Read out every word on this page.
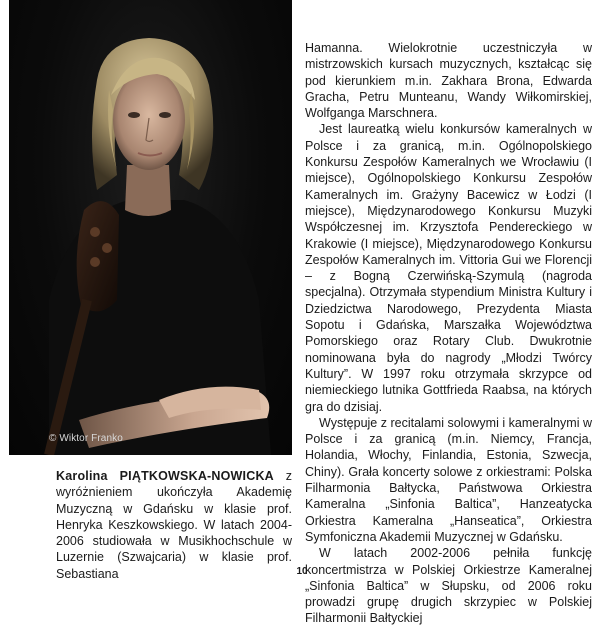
© Wiktor Franko

Hamanna. Wielokrotnie uczestniczyła w mistrzowskich kursach muzycznych, kształcąc się pod kierunkiem m.in. Zakhara Brona, Edwarda Gracha, Petru Munteanu, Wandy Wiłkomirskiej, Wolfganga Marschnera.

Jest laureatką wielu konkursów kameralnych w Polsce i za granicą, m.in. Ogólnopolskiego Konkursu Zespołów Kameralnych we Wrocławiu (I miejsce), Ogólnopolskiego Konkursu Zespołów Kameralnych im. Grażyny Bacewicz w Łodzi (I miejsce), Międzynarodowego Konkursu Muzyki Współczesnej im. Krzysztofa Pendereckiego w Krakowie (I miejsce), Międzynarodowego Konkursu Zespołów Kameralnych im. Vittoria Gui we Florencji – z Bogną Czerwińską-Szymulą (nagroda specjalna). Otrzymała stypendium Ministra Kultury i Dziedzictwa Narodowego, Prezydenta Miasta Sopotu i Gdańska, Marszałka Województwa Pomorskiego oraz Rotary Club. Dwukrotnie nominowana była do nagrody „Młodzi Twórcy Kultury”. W 1997 roku otrzymała skrzypce od niemieckiego lutnika Gottfrieda Raabsa, na których gra do dzisiaj.

Występuje z recitalami solowymi i kameralnymi w Polsce i za granicą (m.in. Niemcy, Francja, Holandia, Włochy, Finlandia, Estonia, Szwecja, Chiny). Grała koncerty solowe z orkiestrami: Polska Filharmonia Bałtycka, Państwowa Orkiestra Kameralna „Sinfonia Baltica”, Hanzeatycka Orkiestra Kameralna „Hanseatica”, Orkiestra Symfoniczna Akademii Muzycznej w Gdańsku.

W latach 2002-2006 pełniła funkcję koncertmistrza w Polskiej Orkiestrze Kameralnej „Sinfonia Baltica” w Słupsku, od 2006 roku prowadzi grupę drugich skrzypiec w Polskiej Filharmonii Bałtyckiej

Karolina PIĄTKOWSKA-NOWICKA z wyróżnieniem ukończyła Akademię Muzyczną w Gdańsku w klasie prof. Henryka Keszkowskiego. W latach 2004-2006 studiowała w Musikhochschule w Luzernie (Szwajcaria) w klasie prof. Sebastiana	10
